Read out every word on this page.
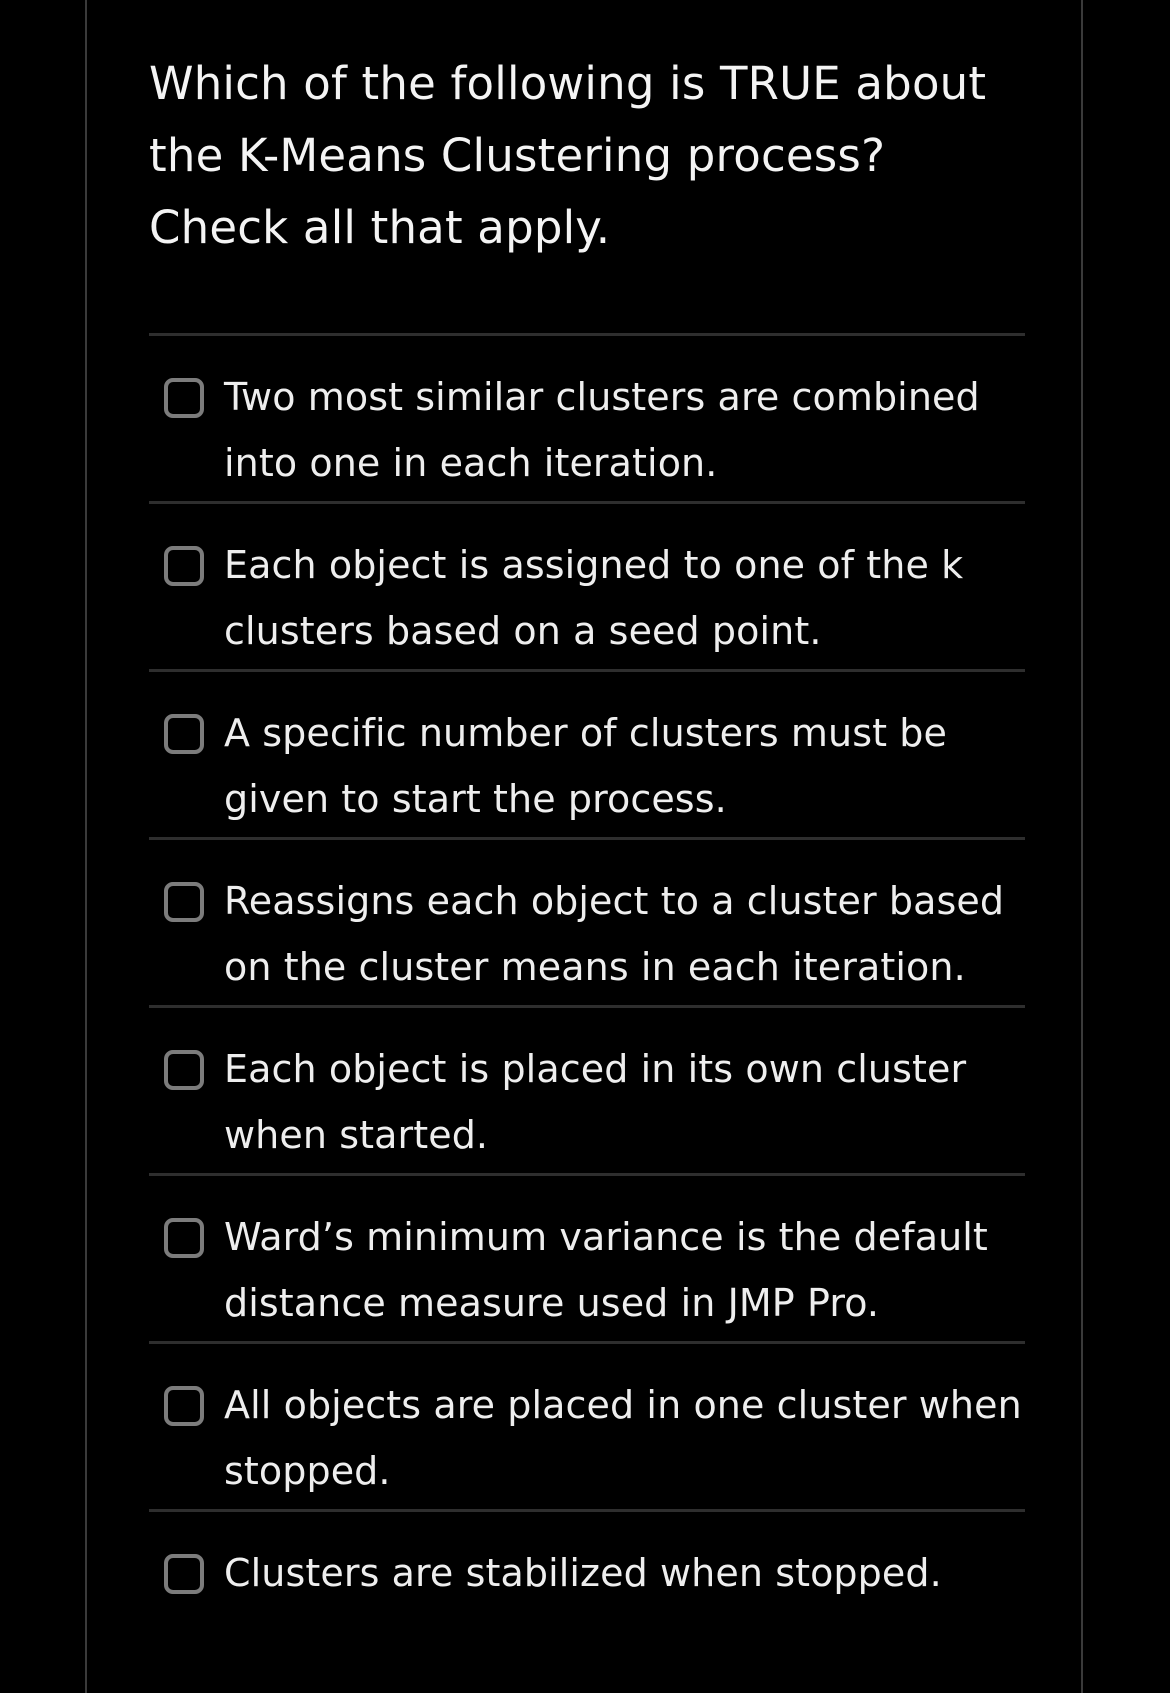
Which of the following is TRUE about the K-Means Clustering process? Check all that apply.

Two most similar clusters are combined into one in each iteration.
Each object is assigned to one of the k clusters based on a seed point.
A specific number of clusters must be given to start the process.
Reassigns each object to a cluster based on the cluster means in each iteration.
Each object is placed in its own cluster when started.
Ward’s minimum variance is the default distance measure used in JMP Pro.
All objects are placed in one cluster when stopped.
Clusters are stabilized when stopped.
